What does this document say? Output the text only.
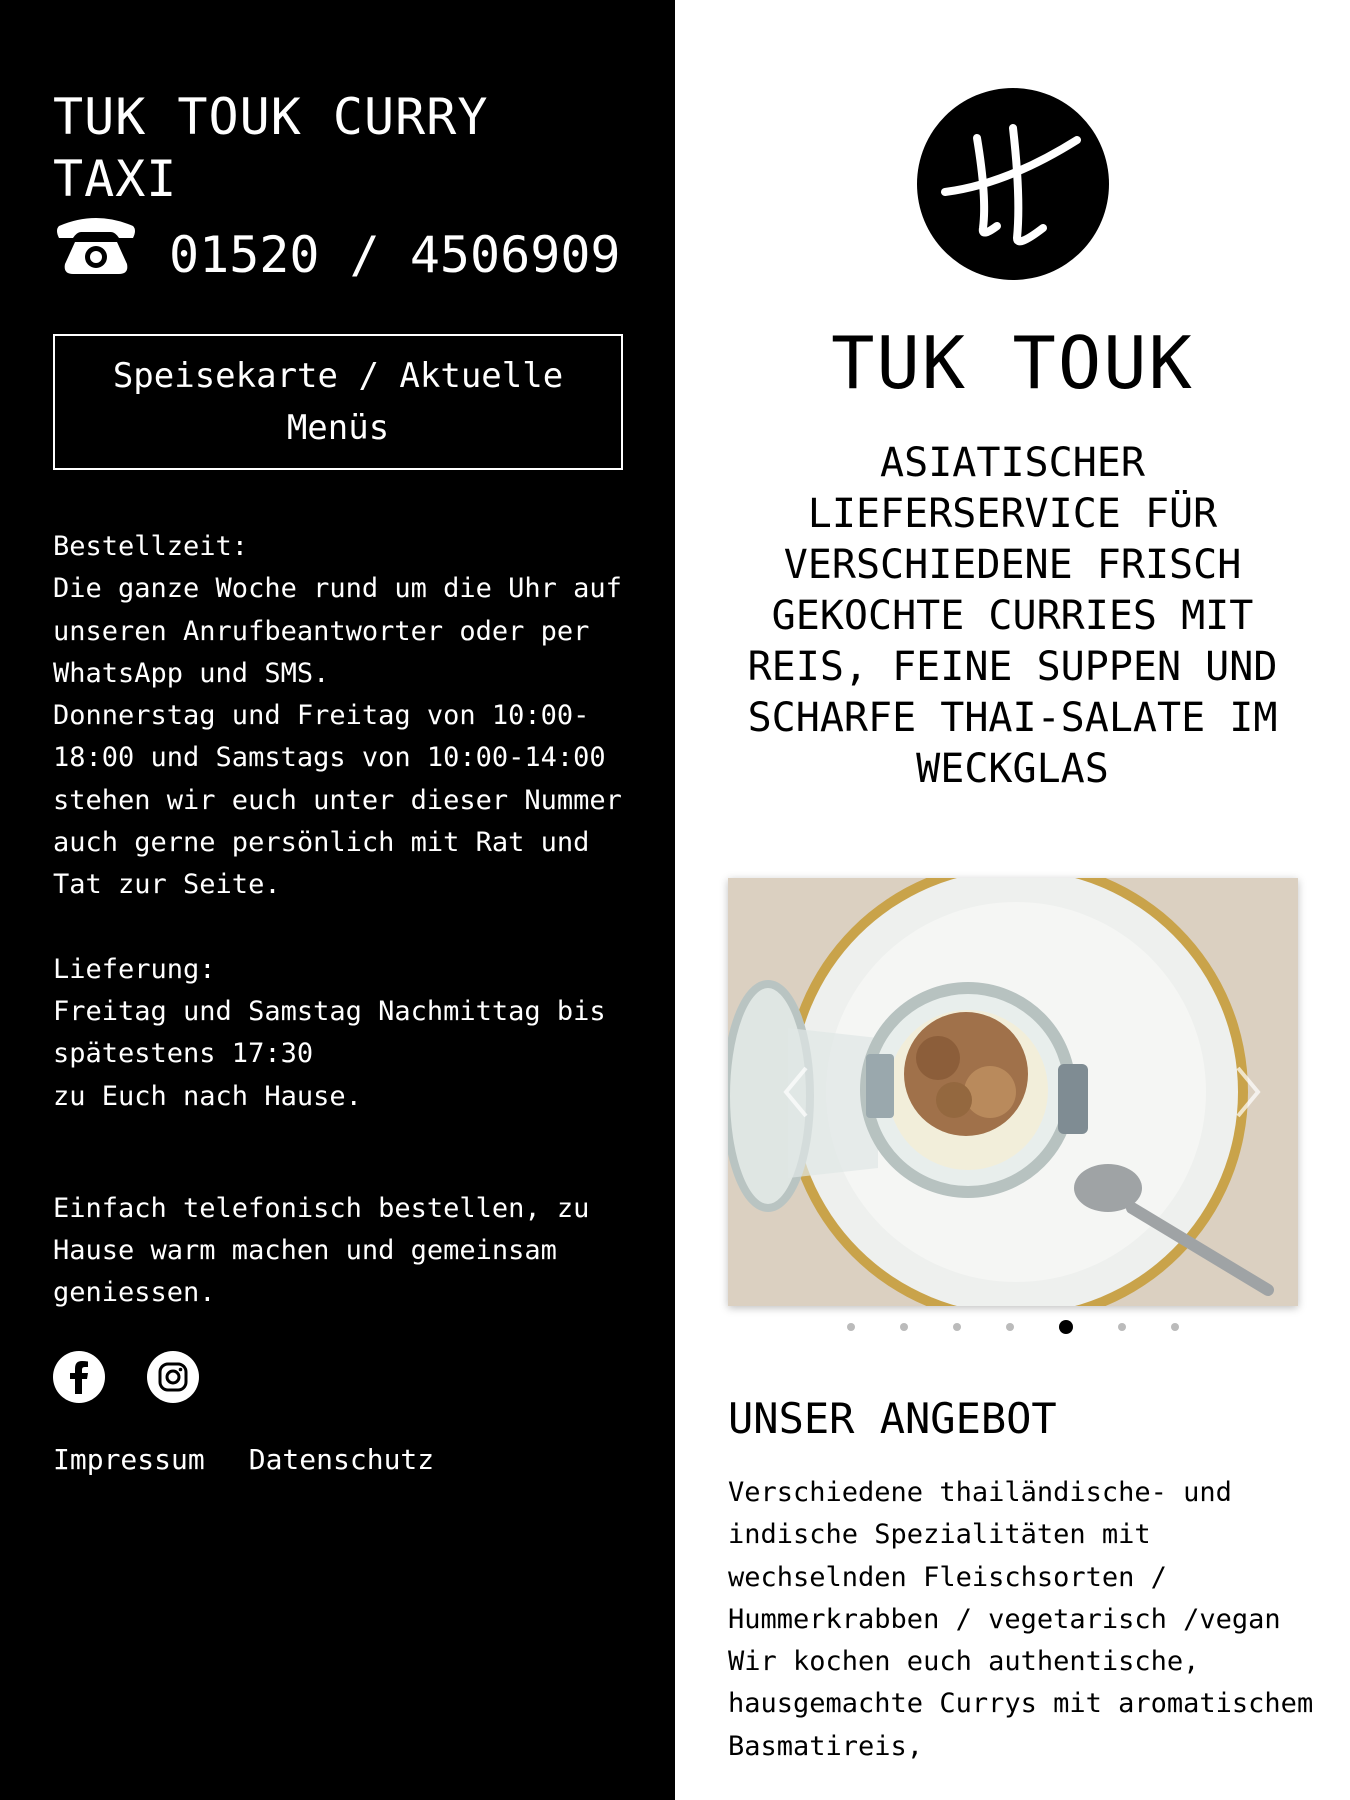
TUK TOUK CURRY TAXI
01520 / 4506909
Speisekarte / Aktuelle Menüs
Bestellzeit:
Die ganze Woche rund um die Uhr auf unseren Anrufbeantworter oder per WhatsApp und SMS.
Donnerstag und Freitag von 10:00-18:00 und Samstags von 10:00-14:00 stehen wir euch unter dieser Nummer auch gerne persönlich mit Rat und Tat zur Seite.
Lieferung:
Freitag und Samstag Nachmittag bis spätestens 17:30
zu Euch nach Hause.
Einfach telefonisch bestellen, zu Hause warm machen und gemeinsam geniessen.
Impressum Datenschutz
TUK TOUK
ASIATISCHER LIEFERSERVICE FÜR VERSCHIEDENE FRISCH GEKOCHTE CURRIES MIT REIS, FEINE SUPPEN UND SCHARFE THAI-SALATE IM WECKGLAS
UNSER ANGEBOT
Verschiedene thailändische- und indische Spezialitäten mit wechselnden Fleischsorten / Hummerkrabben / vegetarisch /vegan
Wir kochen euch authentische, hausgemachte Currys mit aromatischem Basmatireis,
